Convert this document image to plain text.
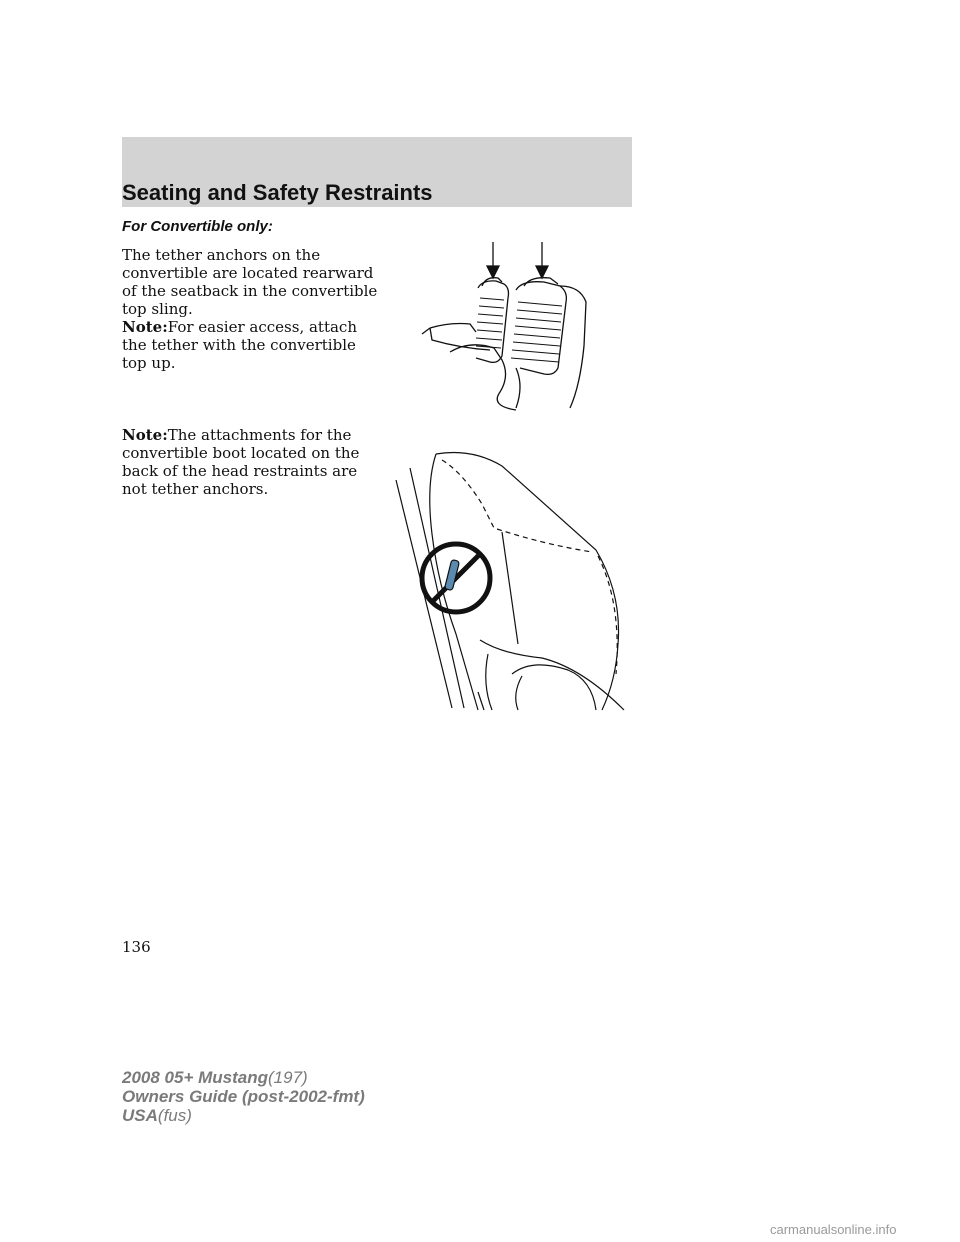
Seating and Safety Restraints
For Convertible only:
The tether anchors on the convertible are located rearward of the seatback in the convertible top sling.
Note:For easier access, attach the tether with the convertible top up.
Note:The attachments for the convertible boot located on the back of the head restraints are not tether anchors.
136
2008 05+ Mustang(197)
Owners Guide (post-2002-fmt)
USA(fus)
carmanualsonline.info
